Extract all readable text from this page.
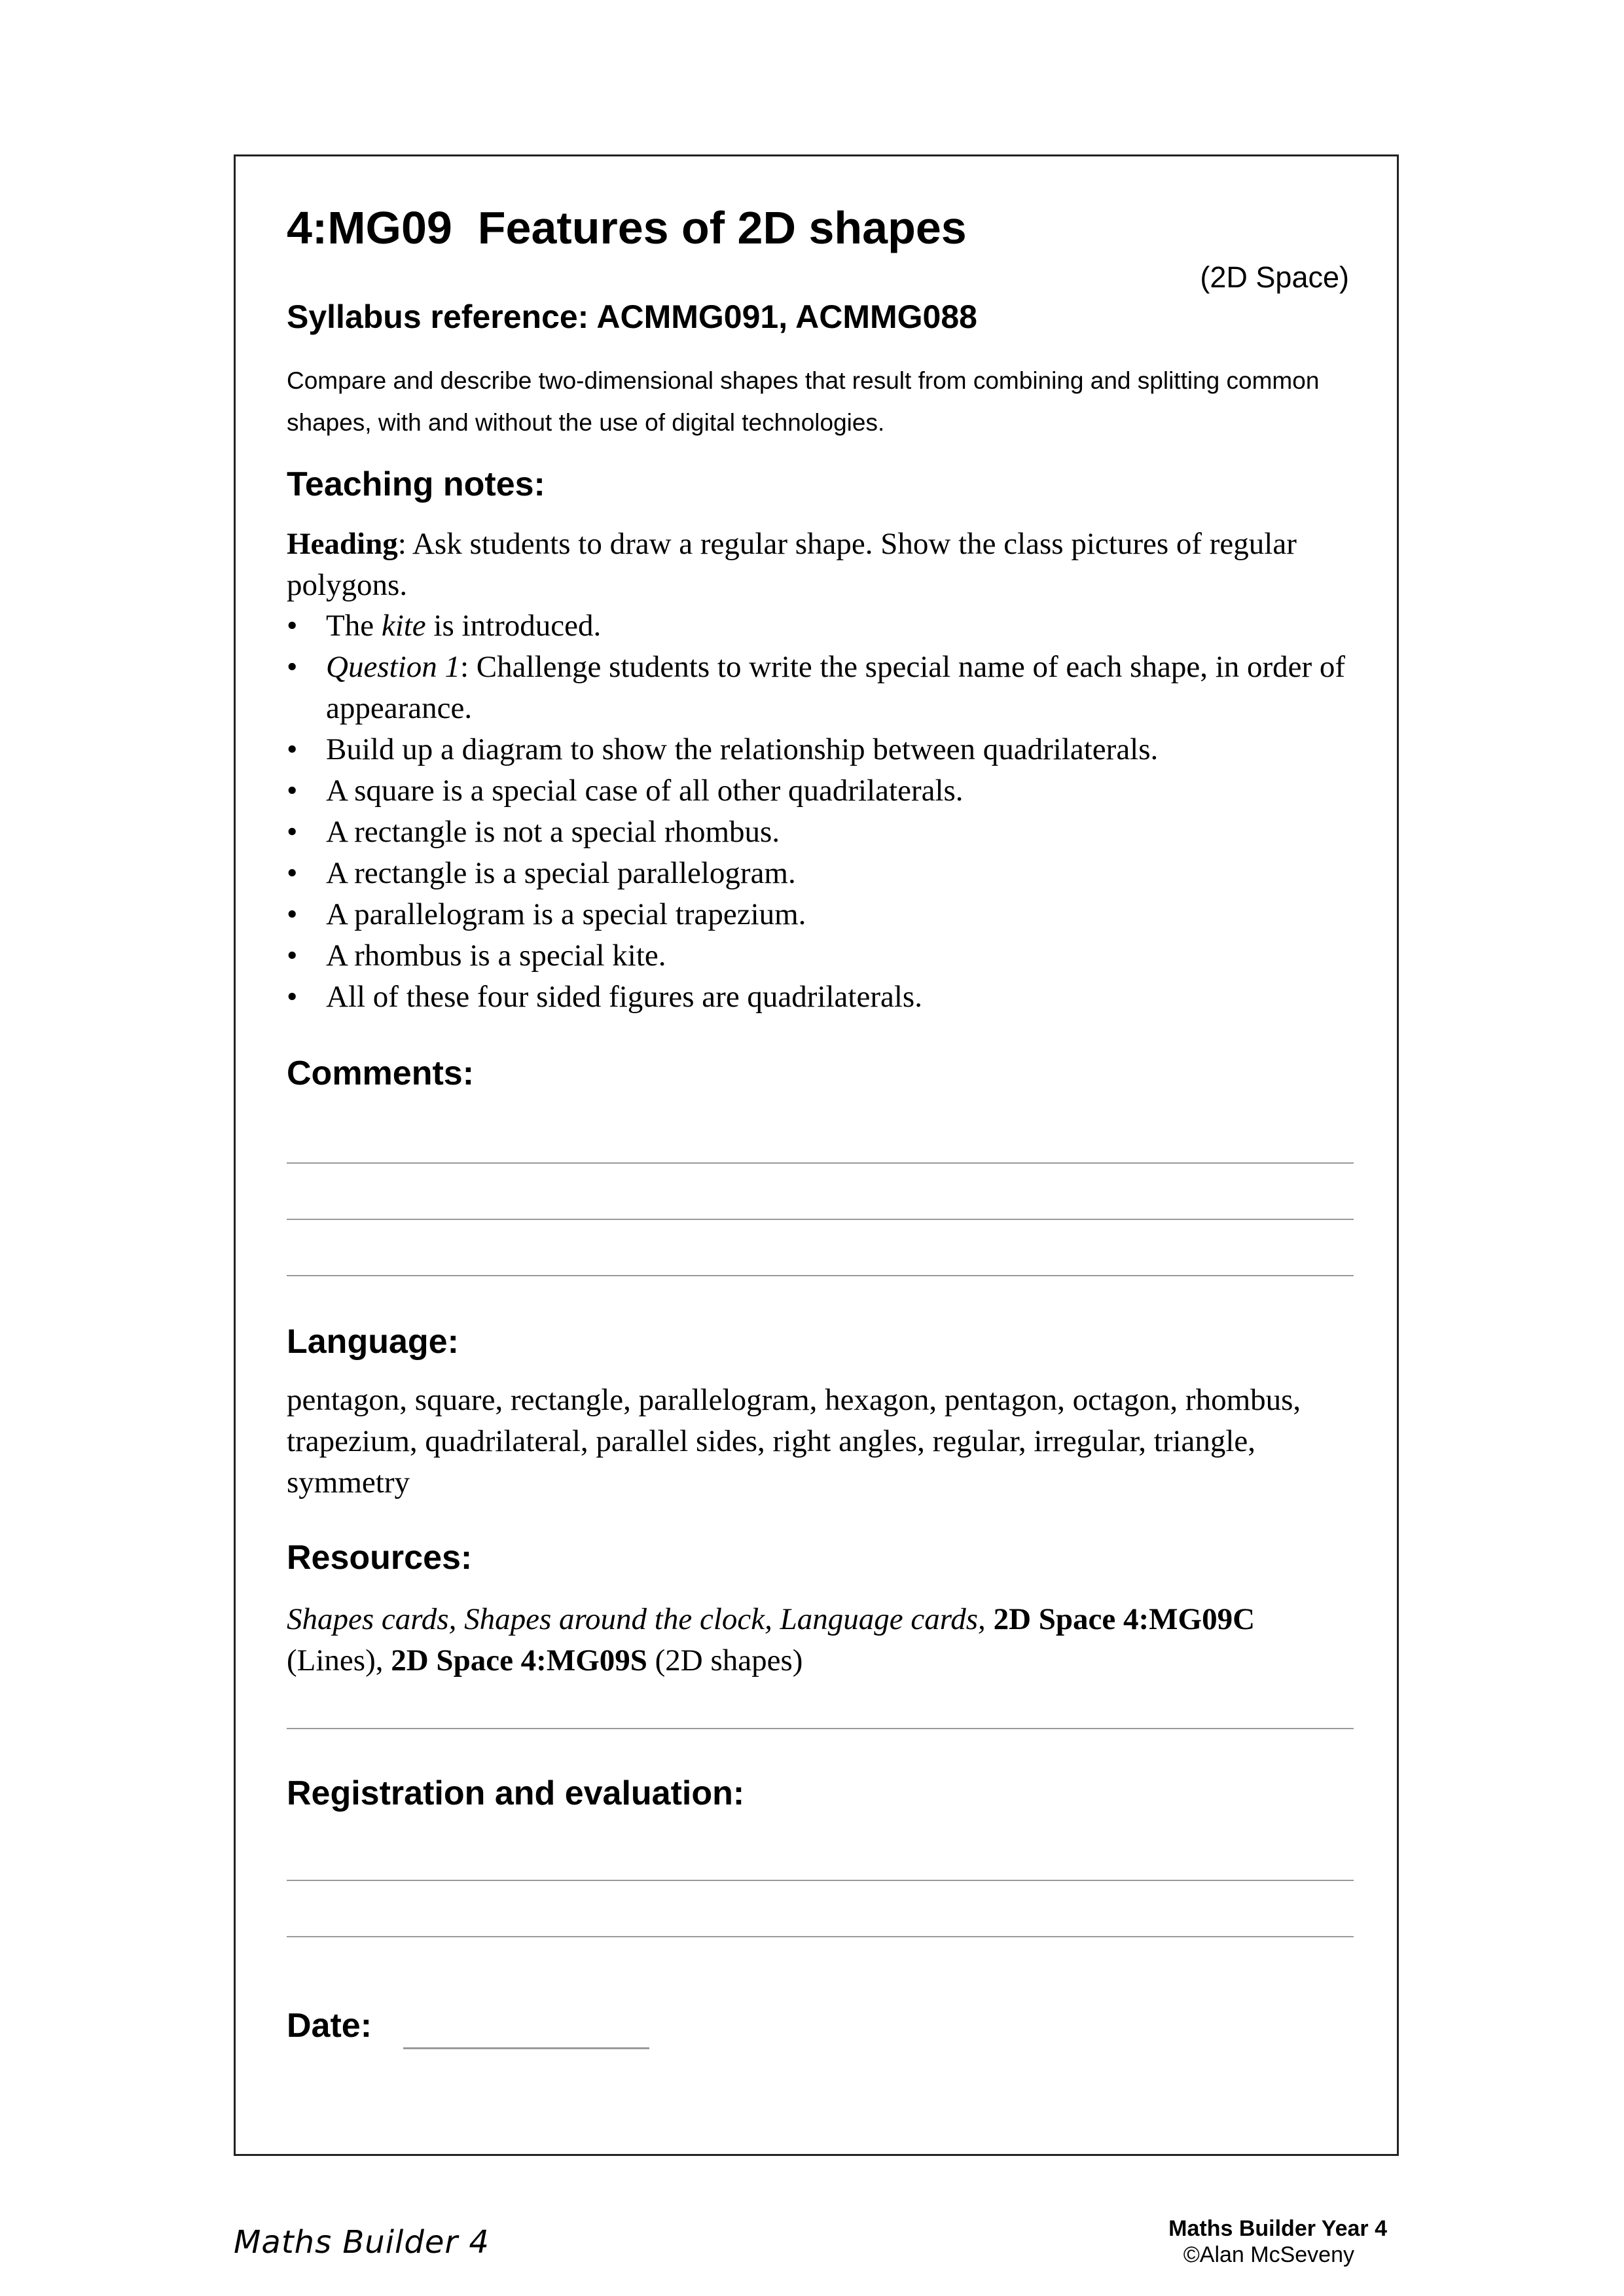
4:MG09  Features of 2D shapes
(2D Space)
Syllabus reference: ACMMG091, ACMMG088

Compare and describe two-dimensional shapes that result from combining and splitting common shapes, with and without the use of digital technologies.

Teaching notes:

Heading: Ask students to draw a regular shape. Show the class pictures of regular polygons.

• The kite is introduced.
• Question 1: Challenge students to write the special name of each shape, in order of appearance.
• Build up a diagram to show the relationship between quadrilaterals.
• A square is a special case of all other quadrilaterals.
• A rectangle is not a special rhombus.
• A rectangle is a special parallelogram.
• A parallelogram is a special trapezium.
• A rhombus is a special kite.
• All of these four sided figures are quadrilaterals.
Comments:
Language:

pentagon, square, rectangle, parallelogram, hexagon, pentagon, octagon, rhombus, trapezium, quadrilateral, parallel sides, right angles, regular, irregular, triangle, symmetry

Resources:

Shapes cards, Shapes around the clock, Language cards, 2D Space 4:MG09C
(Lines), 2D Space 4:MG09S (2D shapes)

Registration and evaluation:
Date:
Maths Builder 4	Maths Builder Year 4
©Alan McSeveny
